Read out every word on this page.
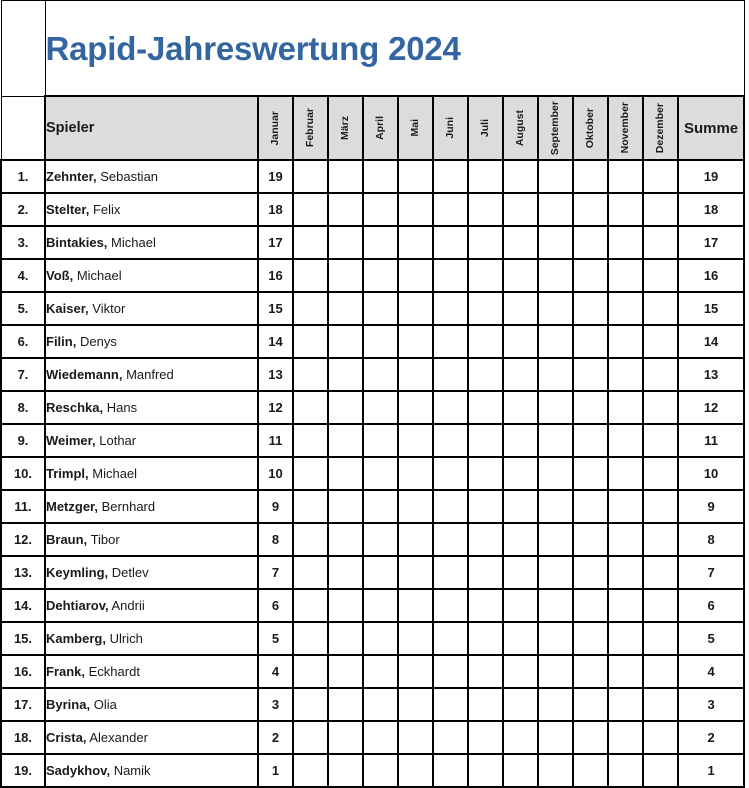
	Rapid-Jahreswertung 2024													
	Spieler	Januar	Februar	März	April	Mai	Juni	Juli	August	September	Oktober	November	Dezember	Summe
1.	Zehnter, Sebastian	19												19
2.	Stelter, Felix	18												18
3.	Bintakies, Michael	17												17
4.	Voß, Michael	16												16
5.	Kaiser, Viktor	15												15
6.	Filin, Denys	14												14
7.	Wiedemann, Manfred	13												13
8.	Reschka, Hans	12												12
9.	Weimer, Lothar	11												11
10.	Trimpl, Michael	10												10
11.	Metzger, Bernhard	9												9
12.	Braun, Tibor	8												8
13.	Keymling, Detlev	7												7
14.	Dehtiarov, Andrii	6												6
15.	Kamberg, Ulrich	5												5
16.	Frank, Eckhardt	4												4
17.	Byrina, Olia	3												3
18.	Crista, Alexander	2												2
19.	Sadykhov, Namik	1												1
